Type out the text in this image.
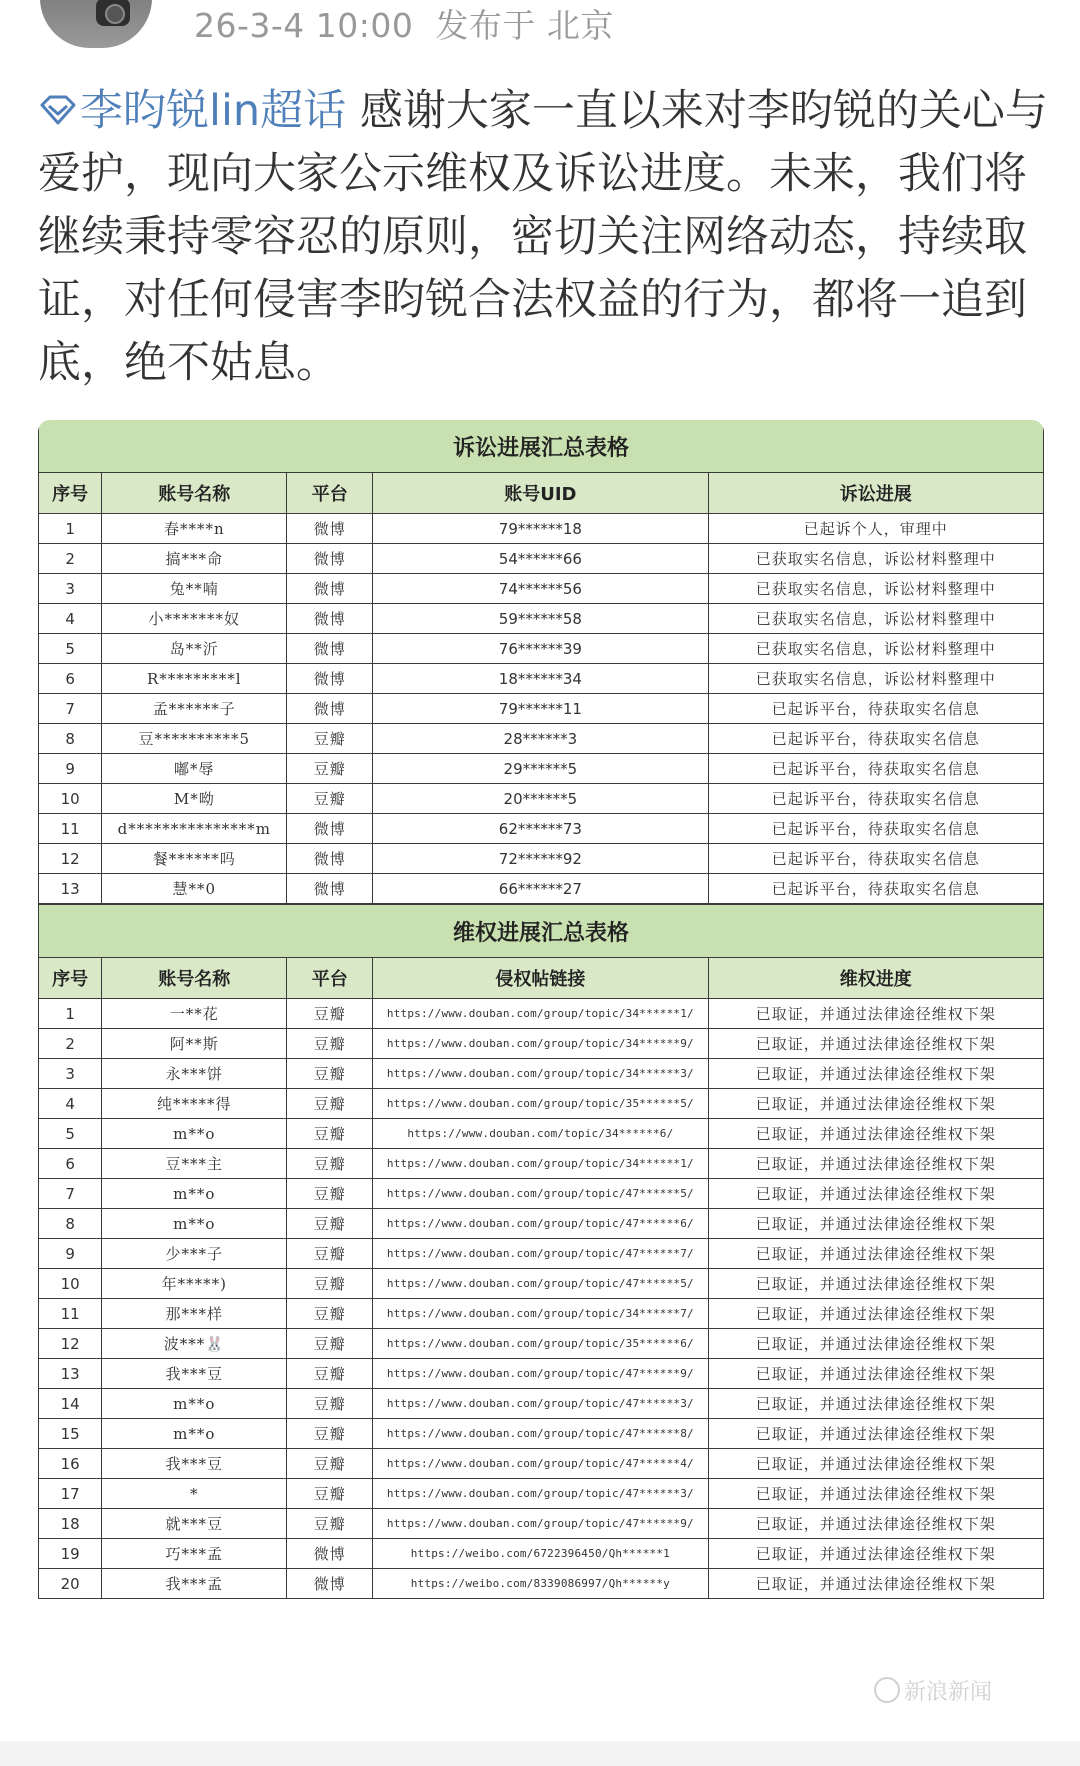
26-3-4 10:00 发布于 北京
李昀锐lin超话 感谢大家一直以来对李昀锐的关心与爱护，现向大家公示维权及诉讼进度。未来，我们将继续秉持零容忍的原则，密切关注网络动态，持续取证，对任何侵害李昀锐合法权益的行为，都将一追到底，绝不姑息。
诉讼进展汇总表格				
序号	账号名称	平台	账号UID	诉讼进展
1	春****n	微博	79******18	已起诉个人，审理中
2	搞***命	微博	54******66	已获取实名信息，诉讼材料整理中
3	兔**喃	微博	74******56	已获取实名信息，诉讼材料整理中
4	小*******奴	微博	59******58	已获取实名信息，诉讼材料整理中
5	岛**沂	微博	76******39	已获取实名信息，诉讼材料整理中
6	R*********l	微博	18******34	已获取实名信息，诉讼材料整理中
7	孟******子	微博	79******11	已起诉平台，待获取实名信息
8	豆**********5	豆瓣	28******3	已起诉平台，待获取实名信息
9	嘟*辱	豆瓣	29******5	已起诉平台，待获取实名信息
10	M*呦	豆瓣	20******5	已起诉平台，待获取实名信息
11	d***************m	微博	62******73	已起诉平台，待获取实名信息
12	餐******吗	微博	72******92	已起诉平台，待获取实名信息
13	慧**0	微博	66******27	已起诉平台，待获取实名信息
维权进展汇总表格				
序号	账号名称	平台	侵权帖链接	维权进度
1	一**花	豆瓣	https://www.douban.com/group/topic/34******1/	已取证，并通过法律途径维权下架
2	阿**斯	豆瓣	https://www.douban.com/group/topic/34******9/	已取证，并通过法律途径维权下架
3	永***饼	豆瓣	https://www.douban.com/group/topic/34******3/	已取证，并通过法律途径维权下架
4	纯*****得	豆瓣	https://www.douban.com/group/topic/35******5/	已取证，并通过法律途径维权下架
5	m**o	豆瓣	https://www.douban.com/topic/34******6/	已取证，并通过法律途径维权下架
6	豆***主	豆瓣	https://www.douban.com/group/topic/34******1/	已取证，并通过法律途径维权下架
7	m**o	豆瓣	https://www.douban.com/group/topic/47******5/	已取证，并通过法律途径维权下架
8	m**o	豆瓣	https://www.douban.com/group/topic/47******6/	已取证，并通过法律途径维权下架
9	少***子	豆瓣	https://www.douban.com/group/topic/47******7/	已取证，并通过法律途径维权下架
10	年*****)	豆瓣	https://www.douban.com/group/topic/47******5/	已取证，并通过法律途径维权下架
11	那***样	豆瓣	https://www.douban.com/group/topic/34******7/	已取证，并通过法律途径维权下架
12	波***🐰	豆瓣	https://www.douban.com/group/topic/35******6/	已取证，并通过法律途径维权下架
13	我***豆	豆瓣	https://www.douban.com/group/topic/47******9/	已取证，并通过法律途径维权下架
14	m**o	豆瓣	https://www.douban.com/group/topic/47******3/	已取证，并通过法律途径维权下架
15	m**o	豆瓣	https://www.douban.com/group/topic/47******8/	已取证，并通过法律途径维权下架
16	我***豆	豆瓣	https://www.douban.com/group/topic/47******4/	已取证，并通过法律途径维权下架
17	*	豆瓣	https://www.douban.com/group/topic/47******3/	已取证，并通过法律途径维权下架
18	就***豆	豆瓣	https://www.douban.com/group/topic/47******9/	已取证，并通过法律途径维权下架
19	巧***孟	微博	https://weibo.com/6722396450/Qh******1	已取证，并通过法律途径维权下架
20	我***孟	微博	https://weibo.com/8339086997/Qh******y	已取证，并通过法律途径维权下架
新浪新闻
